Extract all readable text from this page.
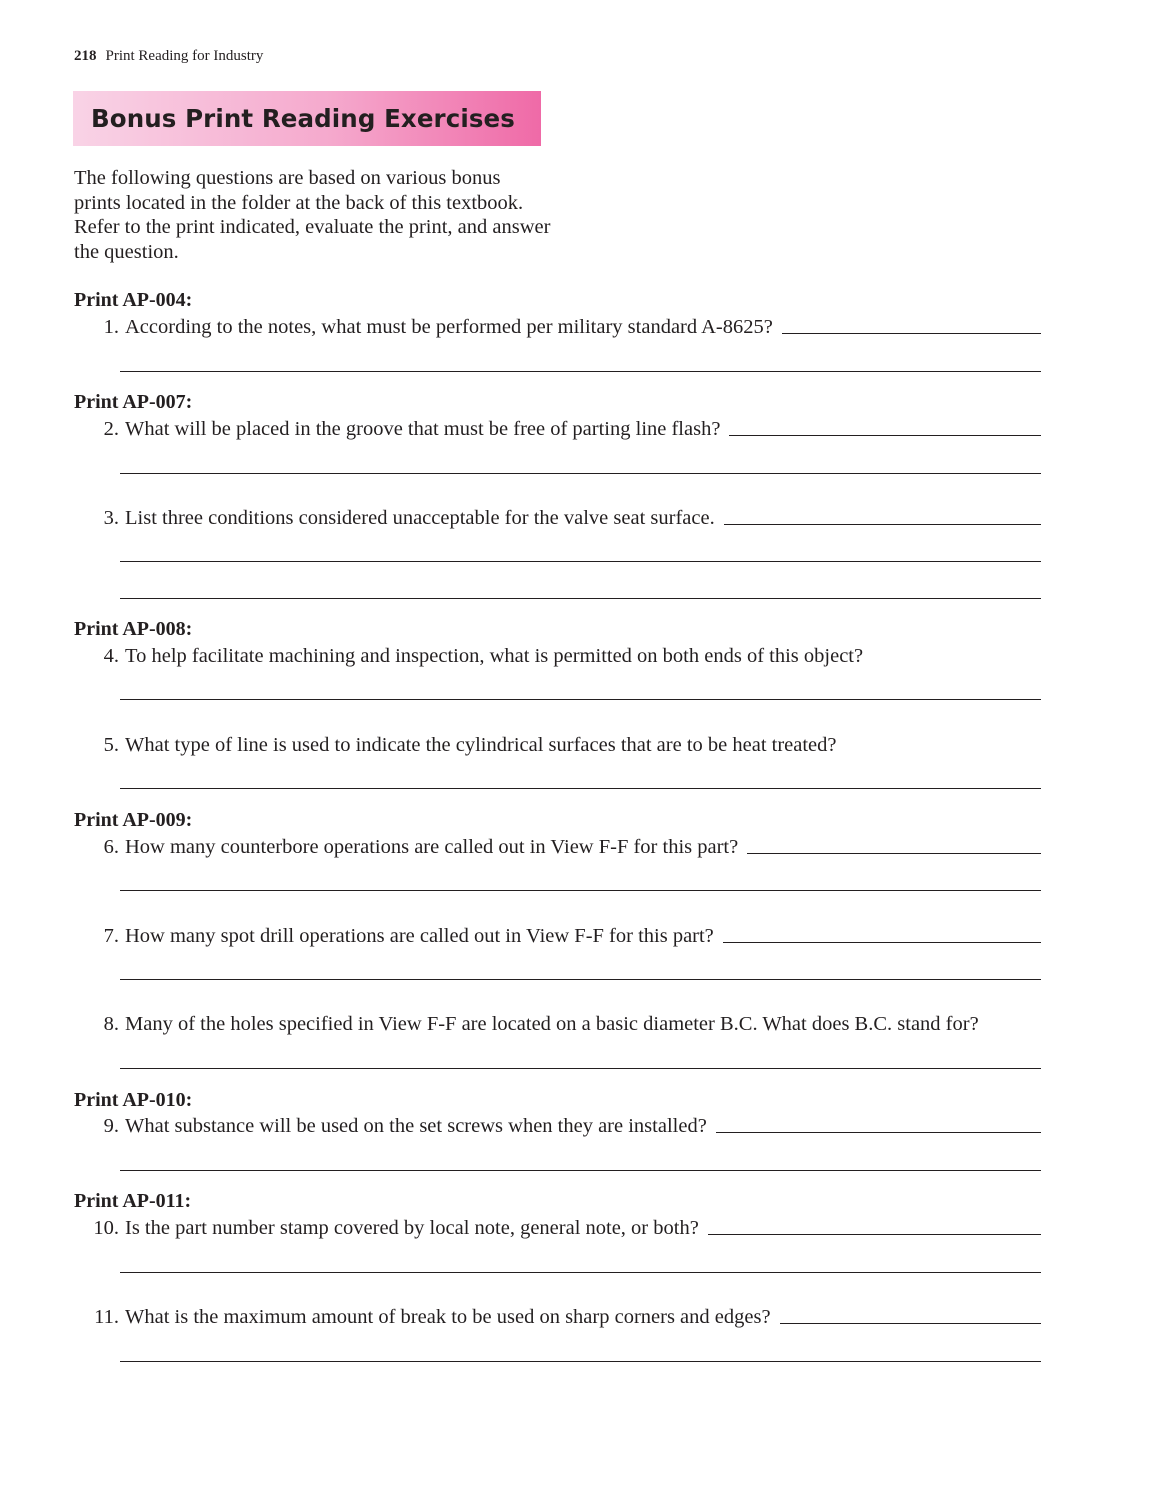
218 Print Reading for Industry
Bonus Print Reading Exercises

The following questions are based on various bonus prints located in the folder at the back of this textbook. Refer to the print indicated, evaluate the print, and answer the question.

Print AP-004:
1. According to the notes, what must be performed per military standard A-8625?
Print AP-007:
2. What will be placed in the groove that must be free of parting line flash?
3. List three conditions considered unacceptable for the valve seat surface.
Print AP-008:
4. To help facilitate machining and inspection, what is permitted on both ends of this object?
5. What type of line is used to indicate the cylindrical surfaces that are to be heat treated?
Print AP-009:
6. How many counterbore operations are called out in View F-F for this part?
7. How many spot drill operations are called out in View F-F for this part?
8. Many of the holes specified in View F-F are located on a basic diameter B.C. What does B.C. stand for?
Print AP-010:
9. What substance will be used on the set screws when they are installed?
Print AP-011:
10. Is the part number stamp covered by local note, general note, or both?
11. What is the maximum amount of break to be used on sharp corners and edges?
